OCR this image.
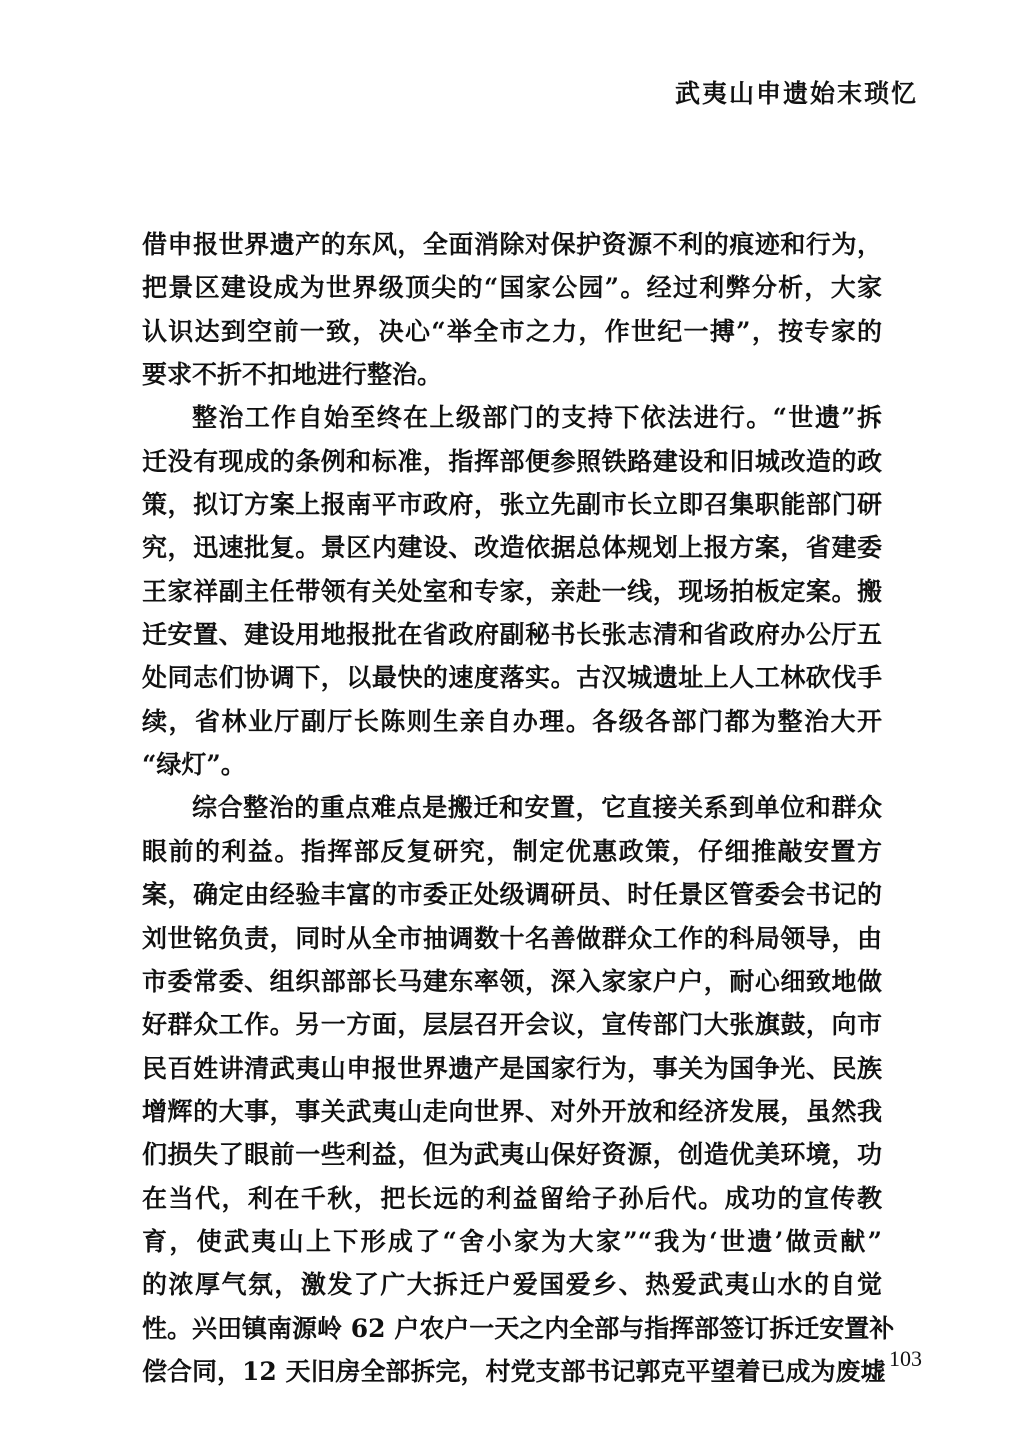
武夷山申遗始末琐忆
借申报世界遗产的东风，全面消除对保护资源不利的痕迹和行为，
把景区建设成为世界级顶尖的“国家公园”。经过利弊分析，大家
认识达到空前一致，决心“举全市之力，作世纪一搏”，按专家的
要求不折不扣地进行整治。
整治工作自始至终在上级部门的支持下依法进行。“世遗”拆
迁没有现成的条例和标准，指挥部便参照铁路建设和旧城改造的政
策，拟订方案上报南平市政府，张立先副市长立即召集职能部门研
究，迅速批复。景区内建设、改造依据总体规划上报方案，省建委
王家祥副主任带领有关处室和专家，亲赴一线，现场拍板定案。搬
迁安置、建设用地报批在省政府副秘书长张志清和省政府办公厅五
处同志们协调下，以最快的速度落实。古汉城遗址上人工林砍伐手
续，省林业厅副厅长陈则生亲自办理。各级各部门都为整治大开
“绿灯”。
综合整治的重点难点是搬迁和安置，它直接关系到单位和群众
眼前的利益。指挥部反复研究，制定优惠政策，仔细推敲安置方
案，确定由经验丰富的市委正处级调研员、时任景区管委会书记的
刘世铭负责，同时从全市抽调数十名善做群众工作的科局领导，由
市委常委、组织部部长马建东率领，深入家家户户，耐心细致地做
好群众工作。另一方面，层层召开会议，宣传部门大张旗鼓，向市
民百姓讲清武夷山申报世界遗产是国家行为，事关为国争光、民族
增辉的大事，事关武夷山走向世界、对外开放和经济发展，虽然我
们损失了眼前一些利益，但为武夷山保好资源，创造优美环境，功
在当代，利在千秋，把长远的利益留给子孙后代。成功的宣传教
育，使武夷山上下形成了“舍小家为大家”“我为‘世遗’做贡献”
的浓厚气氛，激发了广大拆迁户爱国爱乡、热爱武夷山水的自觉
性。兴田镇南源岭 62 户农户一天之内全部与指挥部签订拆迁安置补
偿合同，12 天旧房全部拆完，村党支部书记郭克平望着已成为废墟 103
